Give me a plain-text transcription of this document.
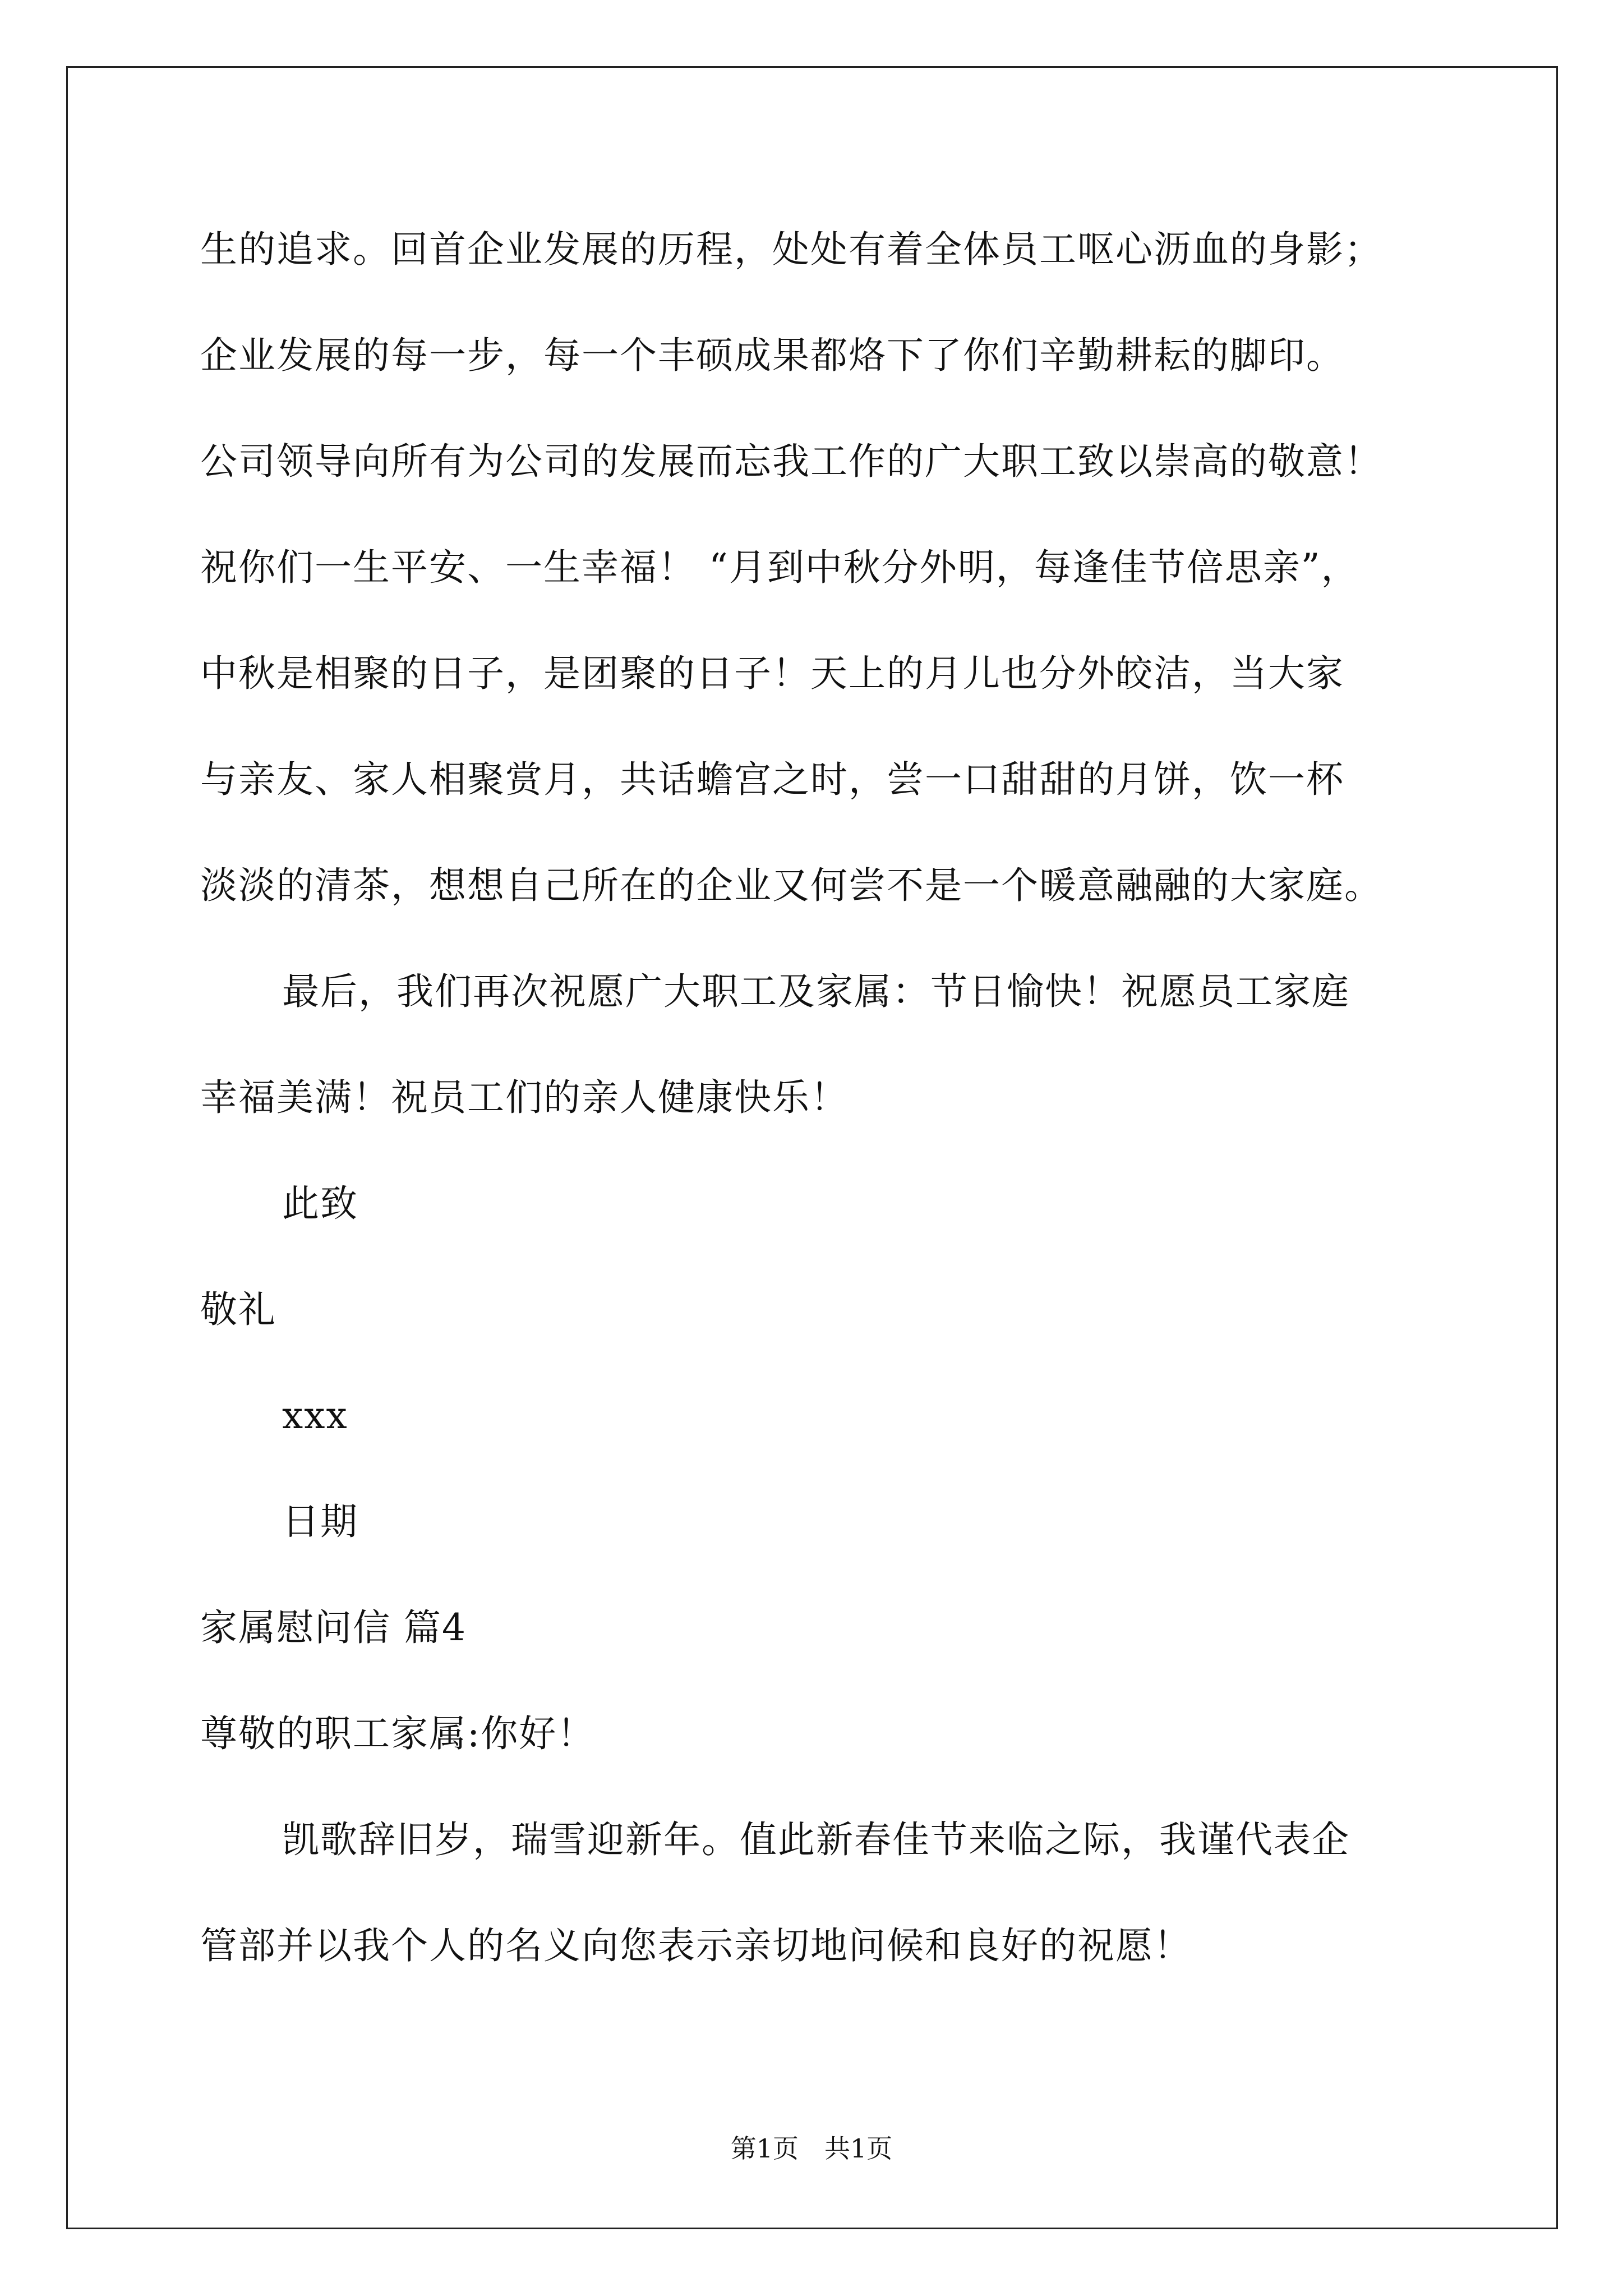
生的追求。回首企业发展的历程，处处有着全体员工呕心沥血的身影；
企业发展的每一步，每一个丰硕成果都烙下了你们辛勤耕耘的脚印。
公司领导向所有为公司的发展而忘我工作的广大职工致以崇高的敬意！
祝你们一生平安、一生幸福！ “月到中秋分外明，每逢佳节倍思亲”，
中秋是相聚的日子，是团聚的日子！天上的月儿也分外皎洁，当大家
与亲友、家人相聚赏月，共话蟾宫之时，尝一口甜甜的月饼，饮一杯
淡淡的清茶，想想自己所在的企业又何尝不是一个暖意融融的大家庭。
最后，我们再次祝愿广大职工及家属：节日愉快！祝愿员工家庭
幸福美满！祝员工们的亲人健康快乐！
此致
敬礼
xxx
日期
家属慰问信 篇4
尊敬的职工家属:你好！
凯歌辞旧岁，瑞雪迎新年。值此新春佳节来临之际，我谨代表企
管部并以我个人的名义向您表示亲切地问候和良好的祝愿！
第1页　共1页
